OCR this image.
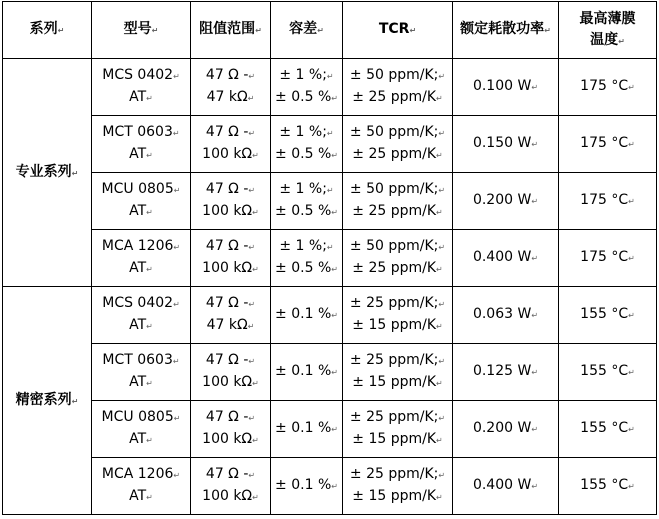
系列↵	型号↵	阻值范围↵	容差↵	TCR↵	额定耗散功率↵	最高薄膜
温度↵

专业系列↵	MCS 0402↵
AT↵	47 Ω -↵
47 kΩ↵	± 1 %;↵
± 0.5 %↵	± 50 ppm/K;↵
± 25 ppm/K↵	0.100 W↵	175 °C↵

	MCT 0603↵
AT↵	47 Ω -↵
100 kΩ↵	± 1 %;↵
± 0.5 %↵	± 50 ppm/K;↵
± 25 ppm/K↵	0.150 W↵	175 °C↵

	MCU 0805↵
AT↵	47 Ω -↵
100 kΩ↵	± 1 %;↵
± 0.5 %↵	± 50 ppm/K;↵
± 25 ppm/K↵	0.200 W↵	175 °C↵

	MCA 1206↵
AT↵	47 Ω -↵
100 kΩ↵	± 1 %;↵
± 0.5 %↵	± 50 ppm/K;↵
± 25 ppm/K↵	0.400 W↵	175 °C↵

精密系列↵	MCS 0402↵
AT↵	47 Ω -↵
47 kΩ↵	± 0.1 %↵	± 25 ppm/K;↵
± 15 ppm/K↵	0.063 W↵	155 °C↵

	MCT 0603↵
AT↵	47 Ω -↵
100 kΩ↵	± 0.1 %↵	± 25 ppm/K;↵
± 15 ppm/K↵	0.125 W↵	155 °C↵

	MCU 0805↵
AT↵	47 Ω -↵
100 kΩ↵	± 0.1 %↵	± 25 ppm/K;↵
± 15 ppm/K↵	0.200 W↵	155 °C↵

	MCA 1206↵
AT↵	47 Ω -↵
100 kΩ↵	± 0.1 %↵	± 25 ppm/K;↵
± 15 ppm/K↵	0.400 W↵	155 °C↵
